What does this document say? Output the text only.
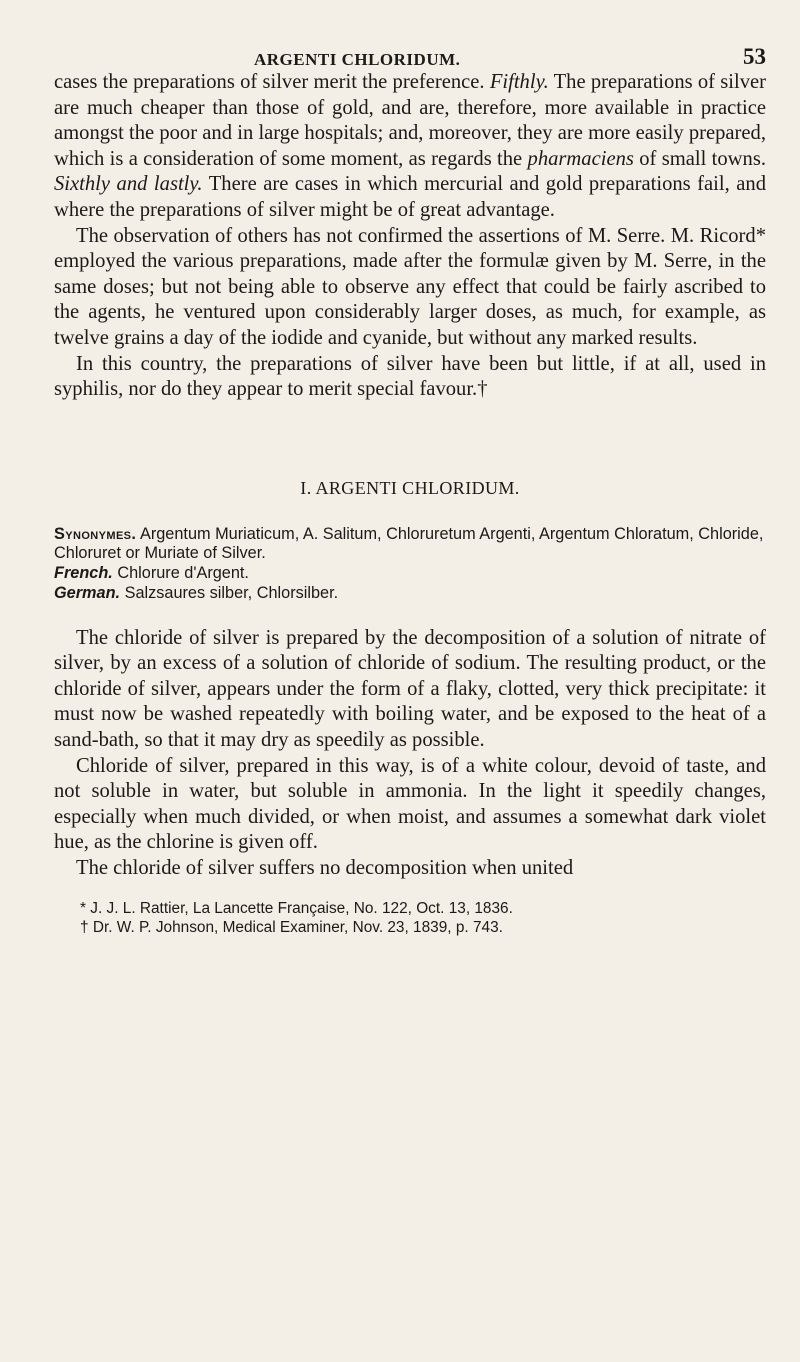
ARGENTI CHLORIDUM.	53

cases the preparations of silver merit the preference. Fifthly. The preparations of silver are much cheaper than those of gold, and are, therefore, more available in practice amongst the poor and in large hospitals; and, moreover, they are more easily prepared, which is a consideration of some moment, as regards the pharmaciens of small towns. Sixthly and lastly. There are cases in which mercurial and gold preparations fail, and where the preparations of silver might be of great advantage.

The observation of others has not confirmed the assertions of M. Serre. M. Ricord* employed the various preparations, made after the formulæ given by M. Serre, in the same doses; but not being able to observe any effect that could be fairly ascribed to the agents, he ventured upon considerably larger doses, as much, for example, as twelve grains a day of the iodide and cyanide, but without any marked results.

In this country, the preparations of silver have been but little, if at all, used in syphilis, nor do they appear to merit special favour.†

I. ARGENTI CHLORIDUM.

Synonymes. Argentum Muriaticum, A. Salitum, Chloruretum Argenti, Argentum Chloratum, Chloride, Chloruret or Muriate of Silver.

French. Chlorure d'Argent.

German. Salzsaures silber, Chlorsilber.

The chloride of silver is prepared by the decomposition of a solution of nitrate of silver, by an excess of a solution of chloride of sodium. The resulting product, or the chloride of silver, appears under the form of a flaky, clotted, very thick precipitate: it must now be washed repeatedly with boiling water, and be exposed to the heat of a sand-bath, so that it may dry as speedily as possible.

Chloride of silver, prepared in this way, is of a white colour, devoid of taste, and not soluble in water, but soluble in ammonia. In the light it speedily changes, especially when much divided, or when moist, and assumes a somewhat dark violet hue, as the chlorine is given off.

The chloride of silver suffers no decomposition when united

* J. J. L. Rattier, La Lancette Française, No. 122, Oct. 13, 1836.

† Dr. W. P. Johnson, Medical Examiner, Nov. 23, 1839, p. 743.
